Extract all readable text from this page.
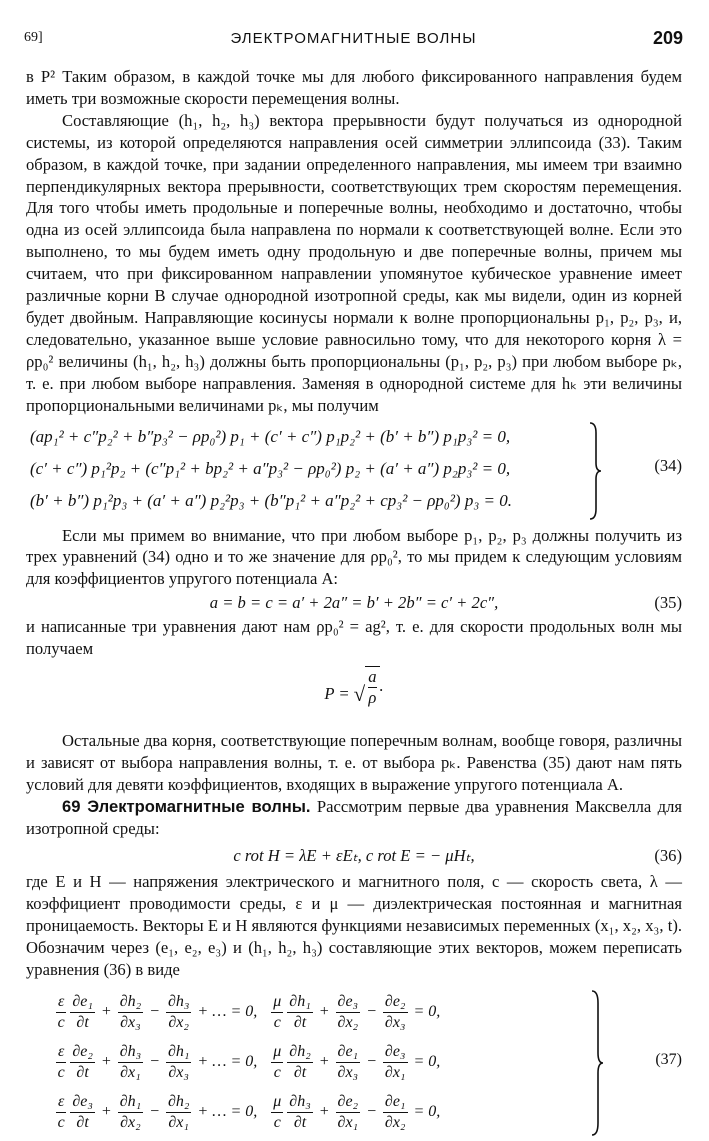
69]	ЭЛЕКТРОМАГНИТНЫЕ ВОЛНЫ	209

в P² Таким образом, в каждой точке мы для любого фиксированного направления будем иметь три возможные скорости перемещения волны.

Составляющие (h₁, h₂, h₃) вектора прерывности будут получаться из однородной системы, из которой определяются направления осей симметрии эллипсоида (33). Таким образом, в каждой точке, при задании определенного направления, мы имеем три взаимно перпендикулярных вектора прерывности, соответствующих трем скоростям перемещения. Для того чтобы иметь продольные и поперечные волны, необходимо и достаточно, чтобы одна из осей эллипсоида была направлена по нормали к соответствующей волне. Если это выполнено, то мы будем иметь одну продольную и две поперечные волны, причем мы считаем, что при фиксированном направлении упомянутое кубическое уравнение имеет различные корни В случае однородной изотропной среды, как мы видели, один из корней будет двойным. Направляющие косинусы нормали к волне пропорциональны p₁, p₂, p₃, и, следовательно, указанное выше условие равносильно тому, что для некоторого корня λ = ρp₀² величины (h₁, h₂, h₃) должны быть пропорциональны (p₁, p₂, p₃) при любом выборе pₖ, т. е. при любом выборе направления. Заменяя в однородной системе для hₖ эти величины пропорциональными величинами pₖ, мы получим

(ap₁² + c″p₂² + b″p₃² − ρp₀²) p₁ + (c′ + c″) p₁p₂² + (b′ + b″) p₁p₃² = 0,
(c′ + c″) p₁²p₂ + (c″p₁² + bp₂² + a″p₃² − ρp₀²) p₂ + (a′ + a″) p₂p₃² = 0,
(b′ + b″) p₁²p₃ + (a′ + a″) p₂²p₃ + (b″p₁² + a″p₂² + cp₃² − ρp₀²) p₃ = 0.
(34)

Если мы примем во внимание, что при любом выборе p₁, p₂, p₃ должны получить из трех уравнений (34) одно и то же значение для ρp₀², то мы придем к следующим условиям для коэффициентов упругого потенциала A:

a = b = c = a′ + 2a″ = b′ + 2b″ = c′ + 2c″,	(35)

и написанные три уравнения дают нам ρp₀² = ag², т. е. для скорости продольных волн мы получаем

P = √ $\frac{a}{\rho}$ .

Остальные два корня, соответствующие поперечным волнам, вообще говоря, различны и зависят от выбора направления волны, т. е. от выбора pₖ. Равенства (35) дают нам пять условий для девяти коэффициентов, входящих в выражение упругого потенциала A.

69 Электромагнитные волны. Рассмотрим первые два уравнения Максвелла для изотропной среды:

c rot H = λE + εEₜ, c rot E = − μHₜ,	(36)

где E и H — напряжения электрического и магнитного поля, c — скорость света, λ — коэффициент проводимости среды, ε и μ — диэлектрическая постоянная и магнитная проницаемость. Векторы E и H являются функциями независимых переменных (x₁, x₂, x₃, t). Обозначим через (e₁, e₂, e₃) и (h₁, h₂, h₃) составляющие этих векторов, можем переписать уравнения (36) в виде

$\frac{\varepsilon}{c} \frac{\text{∂e₁}}{\partial t} + \frac{\text{∂h₂}}{\text{∂x₃}} - \frac{\text{∂h₃}}{\text{∂x₂}}$ + … = 0, $\frac{\mu}{c} \frac{\text{∂h₁}}{\partial t} + \frac{\text{∂e₃}}{\text{∂x₂}} - \frac{\text{∂e₂}}{\text{∂x₃}} = 0$,
$\frac{\varepsilon}{c} \frac{\text{∂e₂}}{\partial t} + \frac{\text{∂h₃}}{\text{∂x₁}} - \frac{\text{∂h₁}}{\text{∂x₃}}$ + … = 0, $\frac{\mu}{c} \frac{\text{∂h₂}}{\partial t} + \frac{\text{∂e₁}}{\text{∂x₃}} - \frac{\text{∂e₃}}{\text{∂x₁}} = 0$,
$\frac{\varepsilon}{c} \frac{\text{∂e₃}}{\partial t} + \frac{\text{∂h₁}}{\text{∂x₂}} - \frac{\text{∂h₂}}{\text{∂x₁}}$ + … = 0, $\frac{\mu}{c} \frac{\text{∂h₃}}{\partial t} + \frac{\text{∂e₂}}{\text{∂x₁}} - \frac{\text{∂e₁}}{\text{∂x₂}} = 0$,
(37)
